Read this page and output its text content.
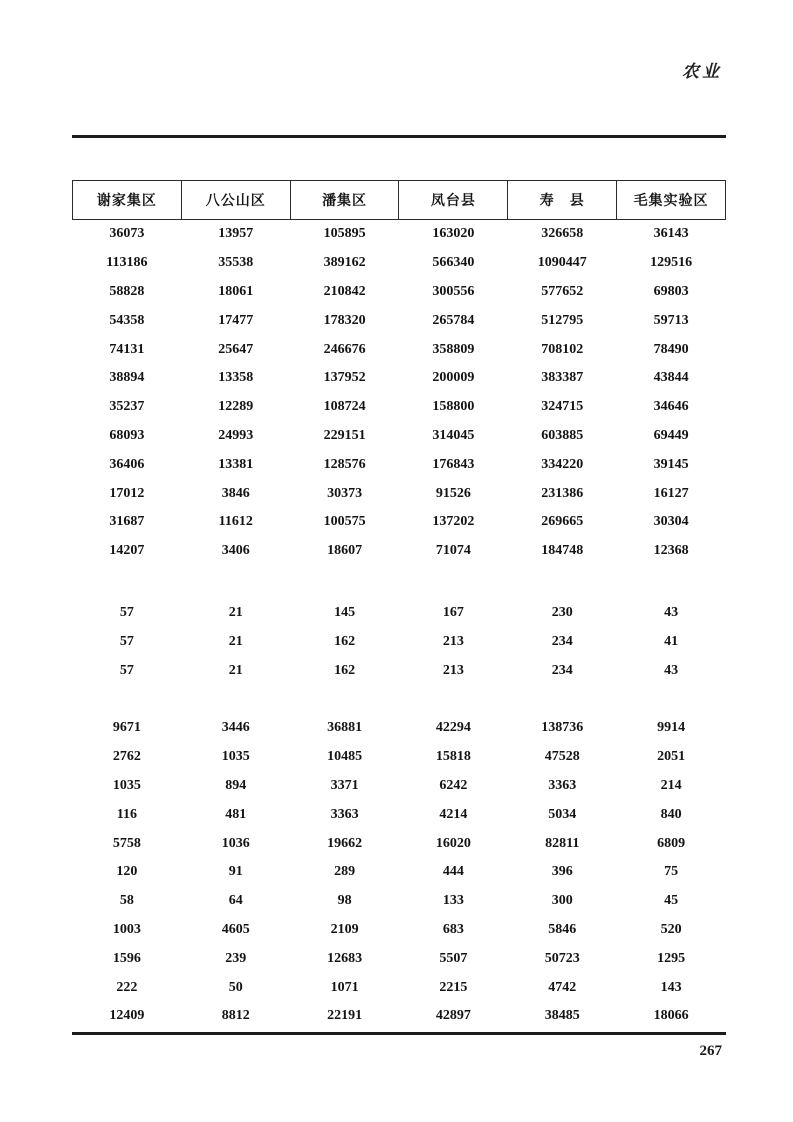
农业
谢家集区	八公山区	潘集区	凤台县	寿　县	毛集实验区
36073	13957	105895	163020	326658	36143
113186	35538	389162	566340	1090447	129516
58828	18061	210842	300556	577652	69803
54358	17477	178320	265784	512795	59713
74131	25647	246676	358809	708102	78490
38894	13358	137952	200009	383387	43844
35237	12289	108724	158800	324715	34646
68093	24993	229151	314045	603885	69449
36406	13381	128576	176843	334220	39145
17012	3846	30373	91526	231386	16127
31687	11612	100575	137202	269665	30304
14207	3406	18607	71074	184748	12368

57	21	145	167	230	43
57	21	162	213	234	41
57	21	162	213	234	43

9671	3446	36881	42294	138736	9914
2762	1035	10485	15818	47528	2051
1035	894	3371	6242	3363	214
116	481	3363	4214	5034	840
5758	1036	19662	16020	82811	6809
120	91	289	444	396	75
58	64	98	133	300	45
1003	4605	2109	683	5846	520
1596	239	12683	5507	50723	1295
222	50	1071	2215	4742	143
12409	8812	22191	42897	38485	18066
267
